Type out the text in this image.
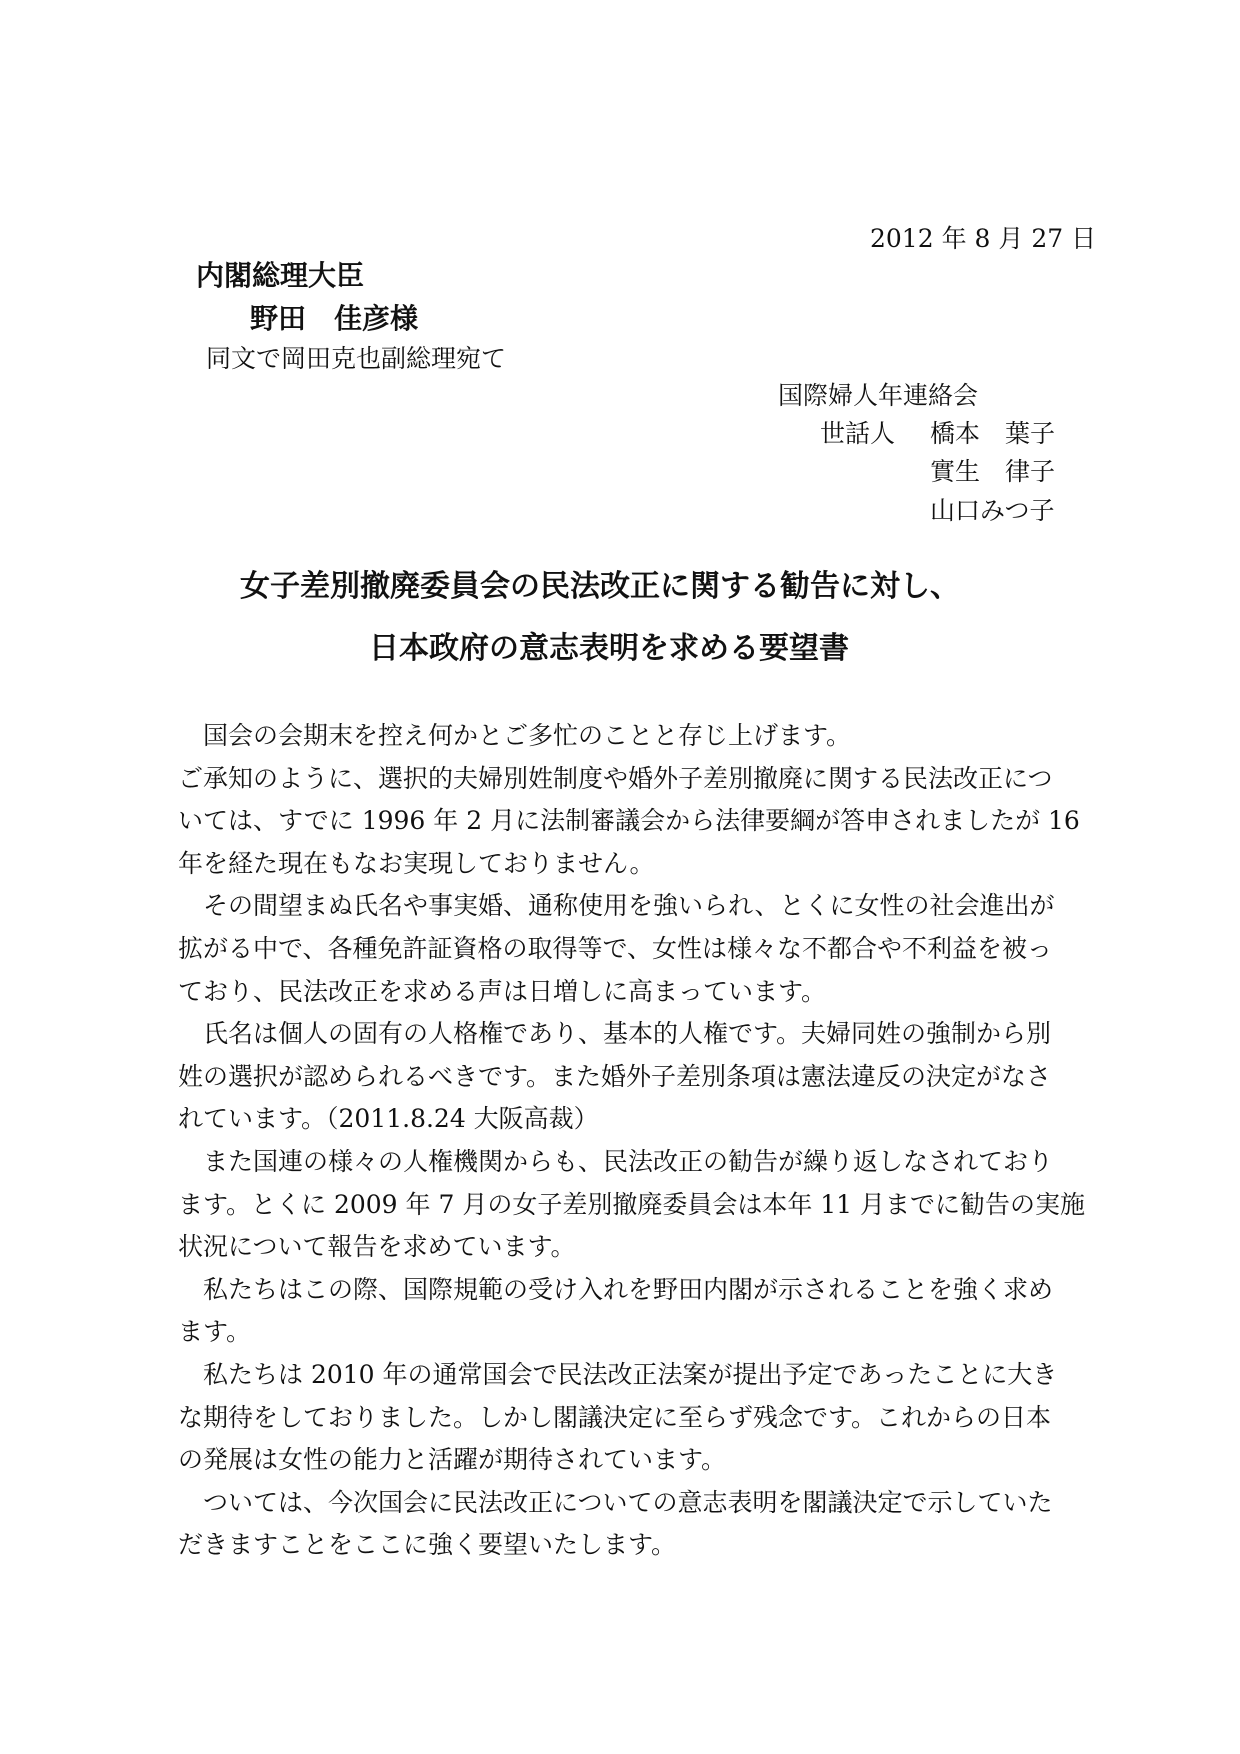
2012 年 8 月 27 日
内閣総理大臣
野田　佳彦様
同文で岡田克也副総理宛て
国際婦人年連絡会
世話人 橋本　葉子
實生　律子
山口みつ子
女子差別撤廃委員会の民法改正に関する勧告に対し、
日本政府の意志表明を求める要望書

　国会の会期末を控え何かとご多忙のことと存じ上げます。
ご承知のように、選択的夫婦別姓制度や婚外子差別撤廃に関する民法改正につ
いては、すでに 1996 年 2 月に法制審議会から法律要綱が答申されましたが 16
年を経た現在もなお実現しておりません。
　その間望まぬ氏名や事実婚、通称使用を強いられ、とくに女性の社会進出が
拡がる中で、各種免許証資格の取得等で、女性は様々な不都合や不利益を被っ
ており、民法改正を求める声は日増しに高まっています。
　氏名は個人の固有の人格権であり、基本的人権です。夫婦同姓の強制から別
姓の選択が認められるべきです。また婚外子差別条項は憲法違反の決定がなさ
れています。（2011.8.24 大阪高裁）
　また国連の様々の人権機関からも、民法改正の勧告が繰り返しなされており
ます。とくに 2009 年 7 月の女子差別撤廃委員会は本年 11 月までに勧告の実施
状況について報告を求めています。
　私たちはこの際、国際規範の受け入れを野田内閣が示されることを強く求め
ます。
　私たちは 2010 年の通常国会で民法改正法案が提出予定であったことに大き
な期待をしておりました。しかし閣議決定に至らず残念です。これからの日本
の発展は女性の能力と活躍が期待されています。
　ついては、今次国会に民法改正についての意志表明を閣議決定で示していた
だきますことをここに強く要望いたします。
